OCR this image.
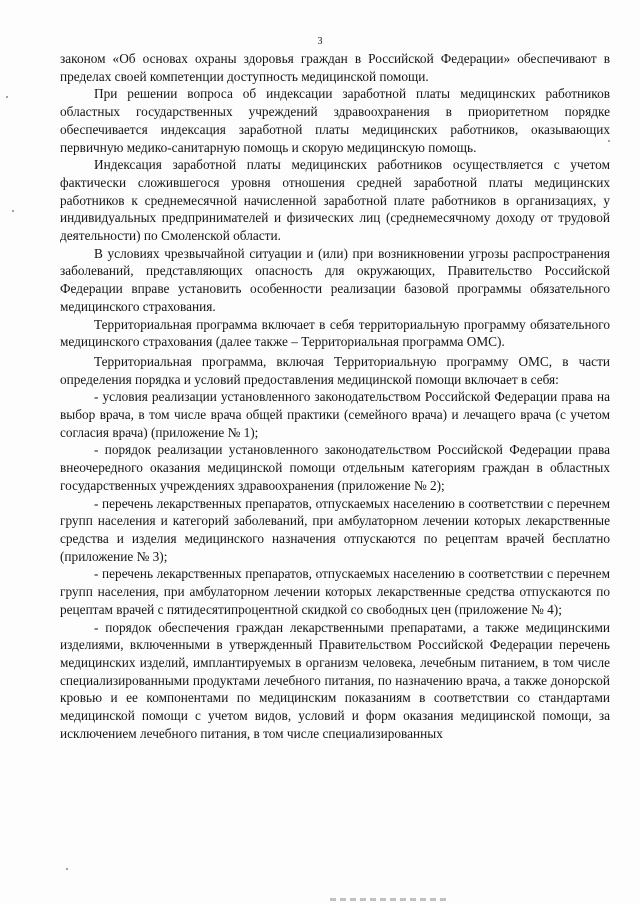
3

законом «Об основах охраны здоровья граждан в Российской Федерации» обеспечивают в пределах своей компетенции доступность медицинской помощи.

При решении вопроса об индексации заработной платы медицинских работников областных государственных учреждений здравоохранения в приоритетном порядке обеспечивается индексация заработной платы медицинских работников, оказывающих первичную медико-санитарную помощь и скорую медицинскую помощь.

Индексация заработной платы медицинских работников осуществляется с учетом фактически сложившегося уровня отношения средней заработной платы медицинских работников к среднемесячной начисленной заработной плате работников в организациях, у индивидуальных предпринимателей и физических лиц (среднемесячному доходу от трудовой деятельности) по Смоленской области.

В условиях чрезвычайной ситуации и (или) при возникновении угрозы распространения заболеваний, представляющих опасность для окружающих, Правительство Российской Федерации вправе установить особенности реализации базовой программы обязательного медицинского страхования.

Территориальная программа включает в себя территориальную программу обязательного медицинского страхования (далее также – Территориальная программа ОМС).

Территориальная программа, включая Территориальную программу ОМС, в части определения порядка и условий предоставления медицинской помощи включает в себя:

- условия реализации установленного законодательством Российской Федерации права на выбор врача, в том числе врача общей практики (семейного врача) и лечащего врача (с учетом согласия врача) (приложение № 1);

- порядок реализации установленного законодательством Российской Федерации права внеочередного оказания медицинской помощи отдельным категориям граждан в областных государственных учреждениях здравоохранения (приложение № 2);

- перечень лекарственных препаратов, отпускаемых населению в соответствии с перечнем групп населения и категорий заболеваний, при амбулаторном лечении которых лекарственные средства и изделия медицинского назначения отпускаются по рецептам врачей бесплатно (приложение № 3);

- перечень лекарственных препаратов, отпускаемых населению в соответствии с перечнем групп населения, при амбулаторном лечении которых лекарственные средства отпускаются по рецептам врачей с пятидесятипроцентной скидкой со свободных цен (приложение № 4);

- порядок обеспечения граждан лекарственными препаратами, а также медицинскими изделиями, включенными в утвержденный Правительством Российской Федерации перечень медицинских изделий, имплантируемых в организм человека, лечебным питанием, в том числе специализированными продуктами лечебного питания, по назначению врача, а также донорской кровью и ее компонентами по медицинским показаниям в соответствии со стандартами медицинской помощи с учетом видов, условий и форм оказания медицинской помощи, за исключением лечебного питания, в том числе специализированных
